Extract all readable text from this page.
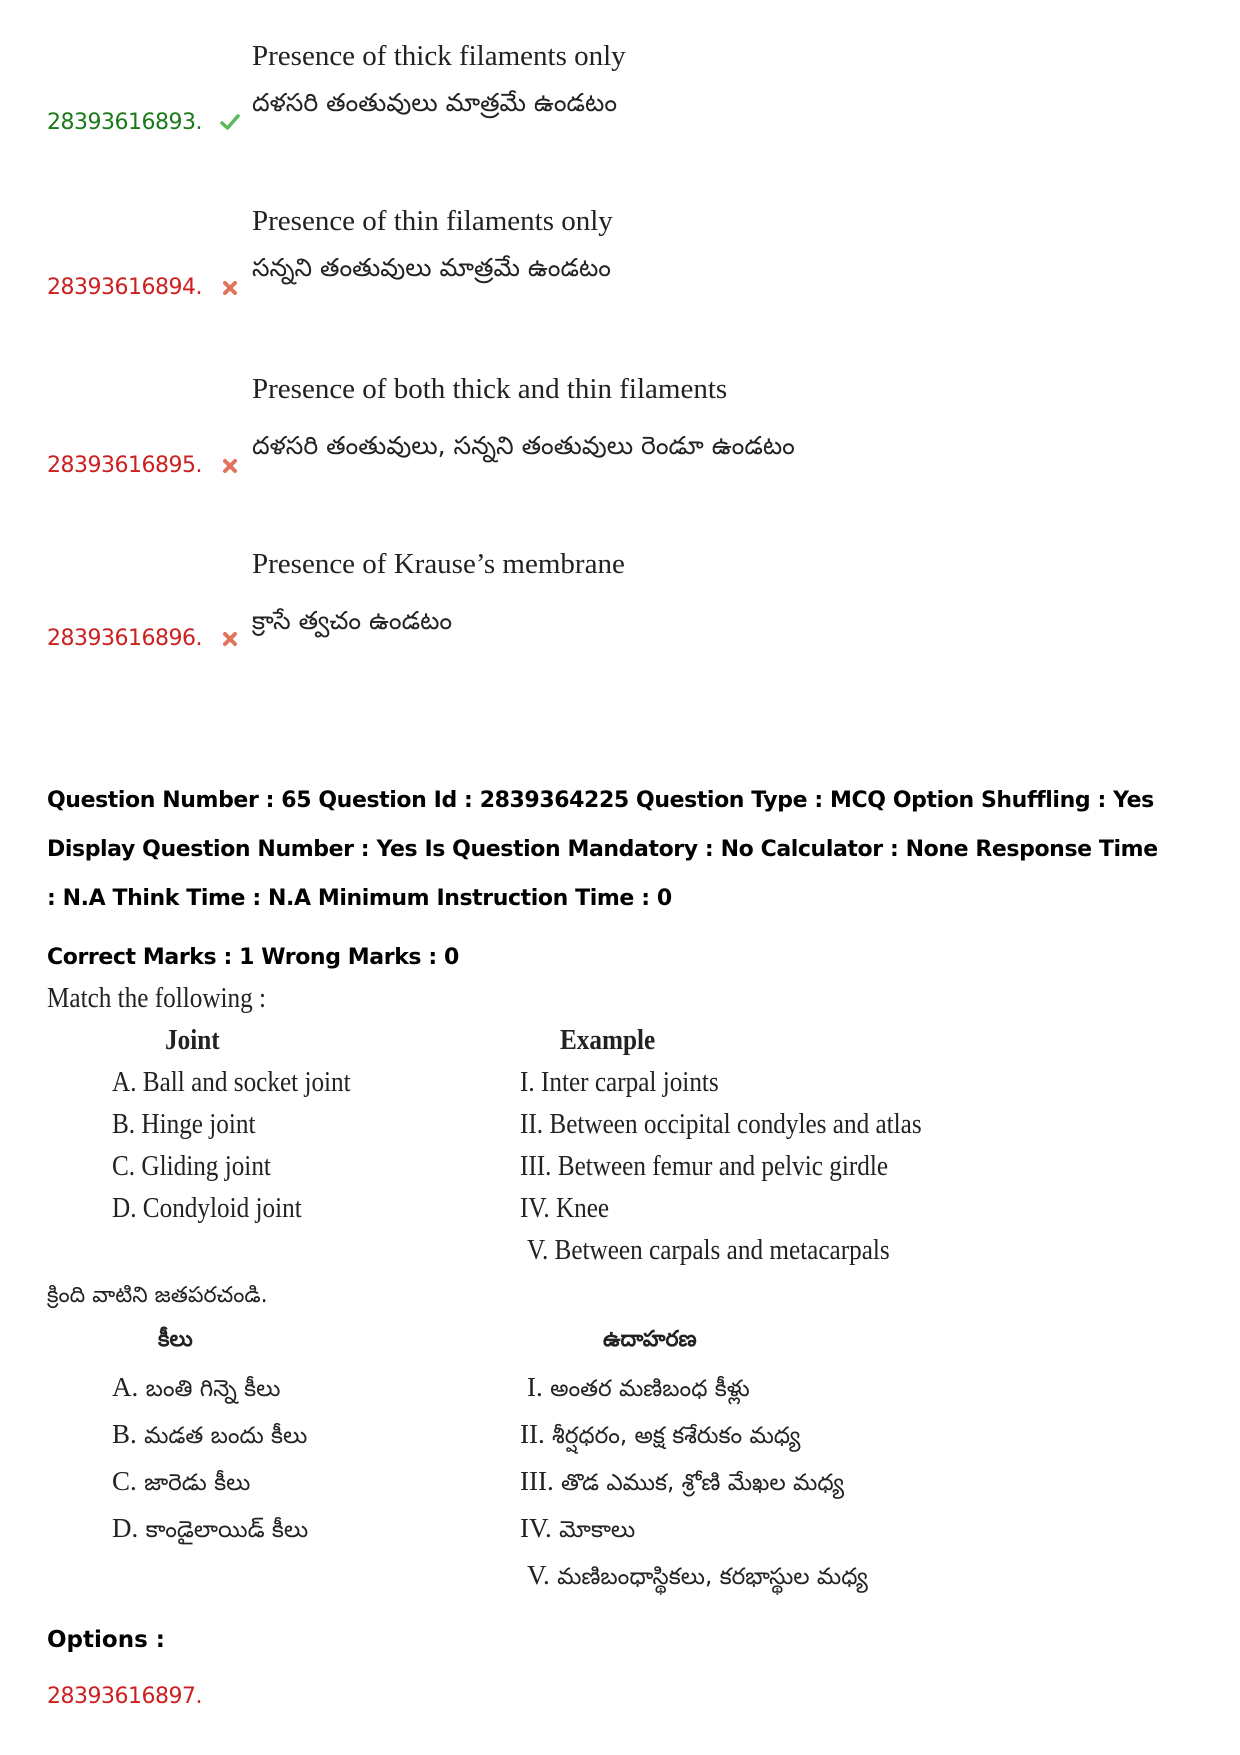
Presence of thick filaments only
దళసరి తంతువులు మాత్రమే ఉండటం
28393616893.
Presence of thin filaments only
సన్నని తంతువులు మాత్రమే ఉండటం
28393616894.
Presence of both thick and thin filaments
దళసరి తంతువులు, సన్నని తంతువులు రెండూ ఉండటం
28393616895.
Presence of Krause’s membrane
క్రాసే త్వచం ఉండటం
28393616896.
Question Number : 65 Question Id : 2839364225 Question Type : MCQ Option Shuffling : Yes
Display Question Number : Yes Is Question Mandatory : No Calculator : None Response Time
: N.A Think Time : N.A Minimum Instruction Time : 0
Correct Marks : 1 Wrong Marks : 0
Match the following :
Joint	Example
A. Ball and socket joint
B. Hinge joint
C. Gliding joint
D. Condyloid joint
I. Inter carpal joints
II. Between occipital condyles and atlas
III. Between femur and pelvic girdle
IV. Knee
V. Between carpals and metacarpals
క్రింది వాటిని జతపరచండి.
కీలు	ఉదాహరణ
A. బంతి గిన్నె కీలు
B. మడత బందు కీలు
C. జారెడు కీలు
D. కాండైలాయిడ్ కీలు
I. అంతర మణిబంధ కీళ్లు
II. శీర్షధరం, అక్ష కశేరుకం మధ్య
III. తొడ ఎముక, శ్రోణి మేఖల మధ్య
IV. మోకాలు
V. మణిబంధాస్థికలు, కరభాస్థుల మధ్య
Options :
28393616897.
